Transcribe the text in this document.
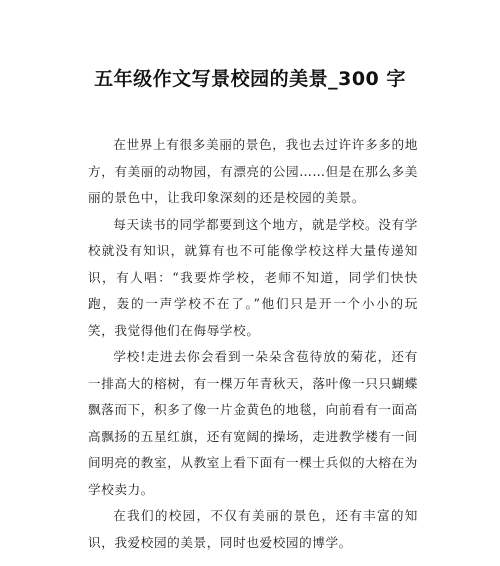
五年级作文写景校园的美景_300 字

在世界上有很多美丽的景色，我也去过许许多多的地方，有美丽的动物园，有漂亮的公园……但是在那么多美丽的景色中，让我印象深刻的还是校园的美景。

每天读书的同学都要到这个地方，就是学校。没有学校就没有知识，就算有也不可能像学校这样大量传递知识，有人唱：“我要炸学校，老师不知道，同学们快快跑，轰的一声学校不在了。”他们只是开一个小小的玩笑，我觉得他们在侮辱学校。

学校!走进去你会看到一朵朵含苞待放的菊花，还有一排高大的榕树，有一棵万年青秋天，落叶像一只只蝴蝶飘落而下，积多了像一片金黄色的地毯，向前看有一面高高飘扬的五星红旗，还有宽阔的操场，走进教学楼有一间间明亮的教室，从教室上看下面有一棵士兵似的大榕在为学校卖力。

在我们的校园，不仅有美丽的景色，还有丰富的知识，我爱校园的美景，同时也爱校园的博学。
